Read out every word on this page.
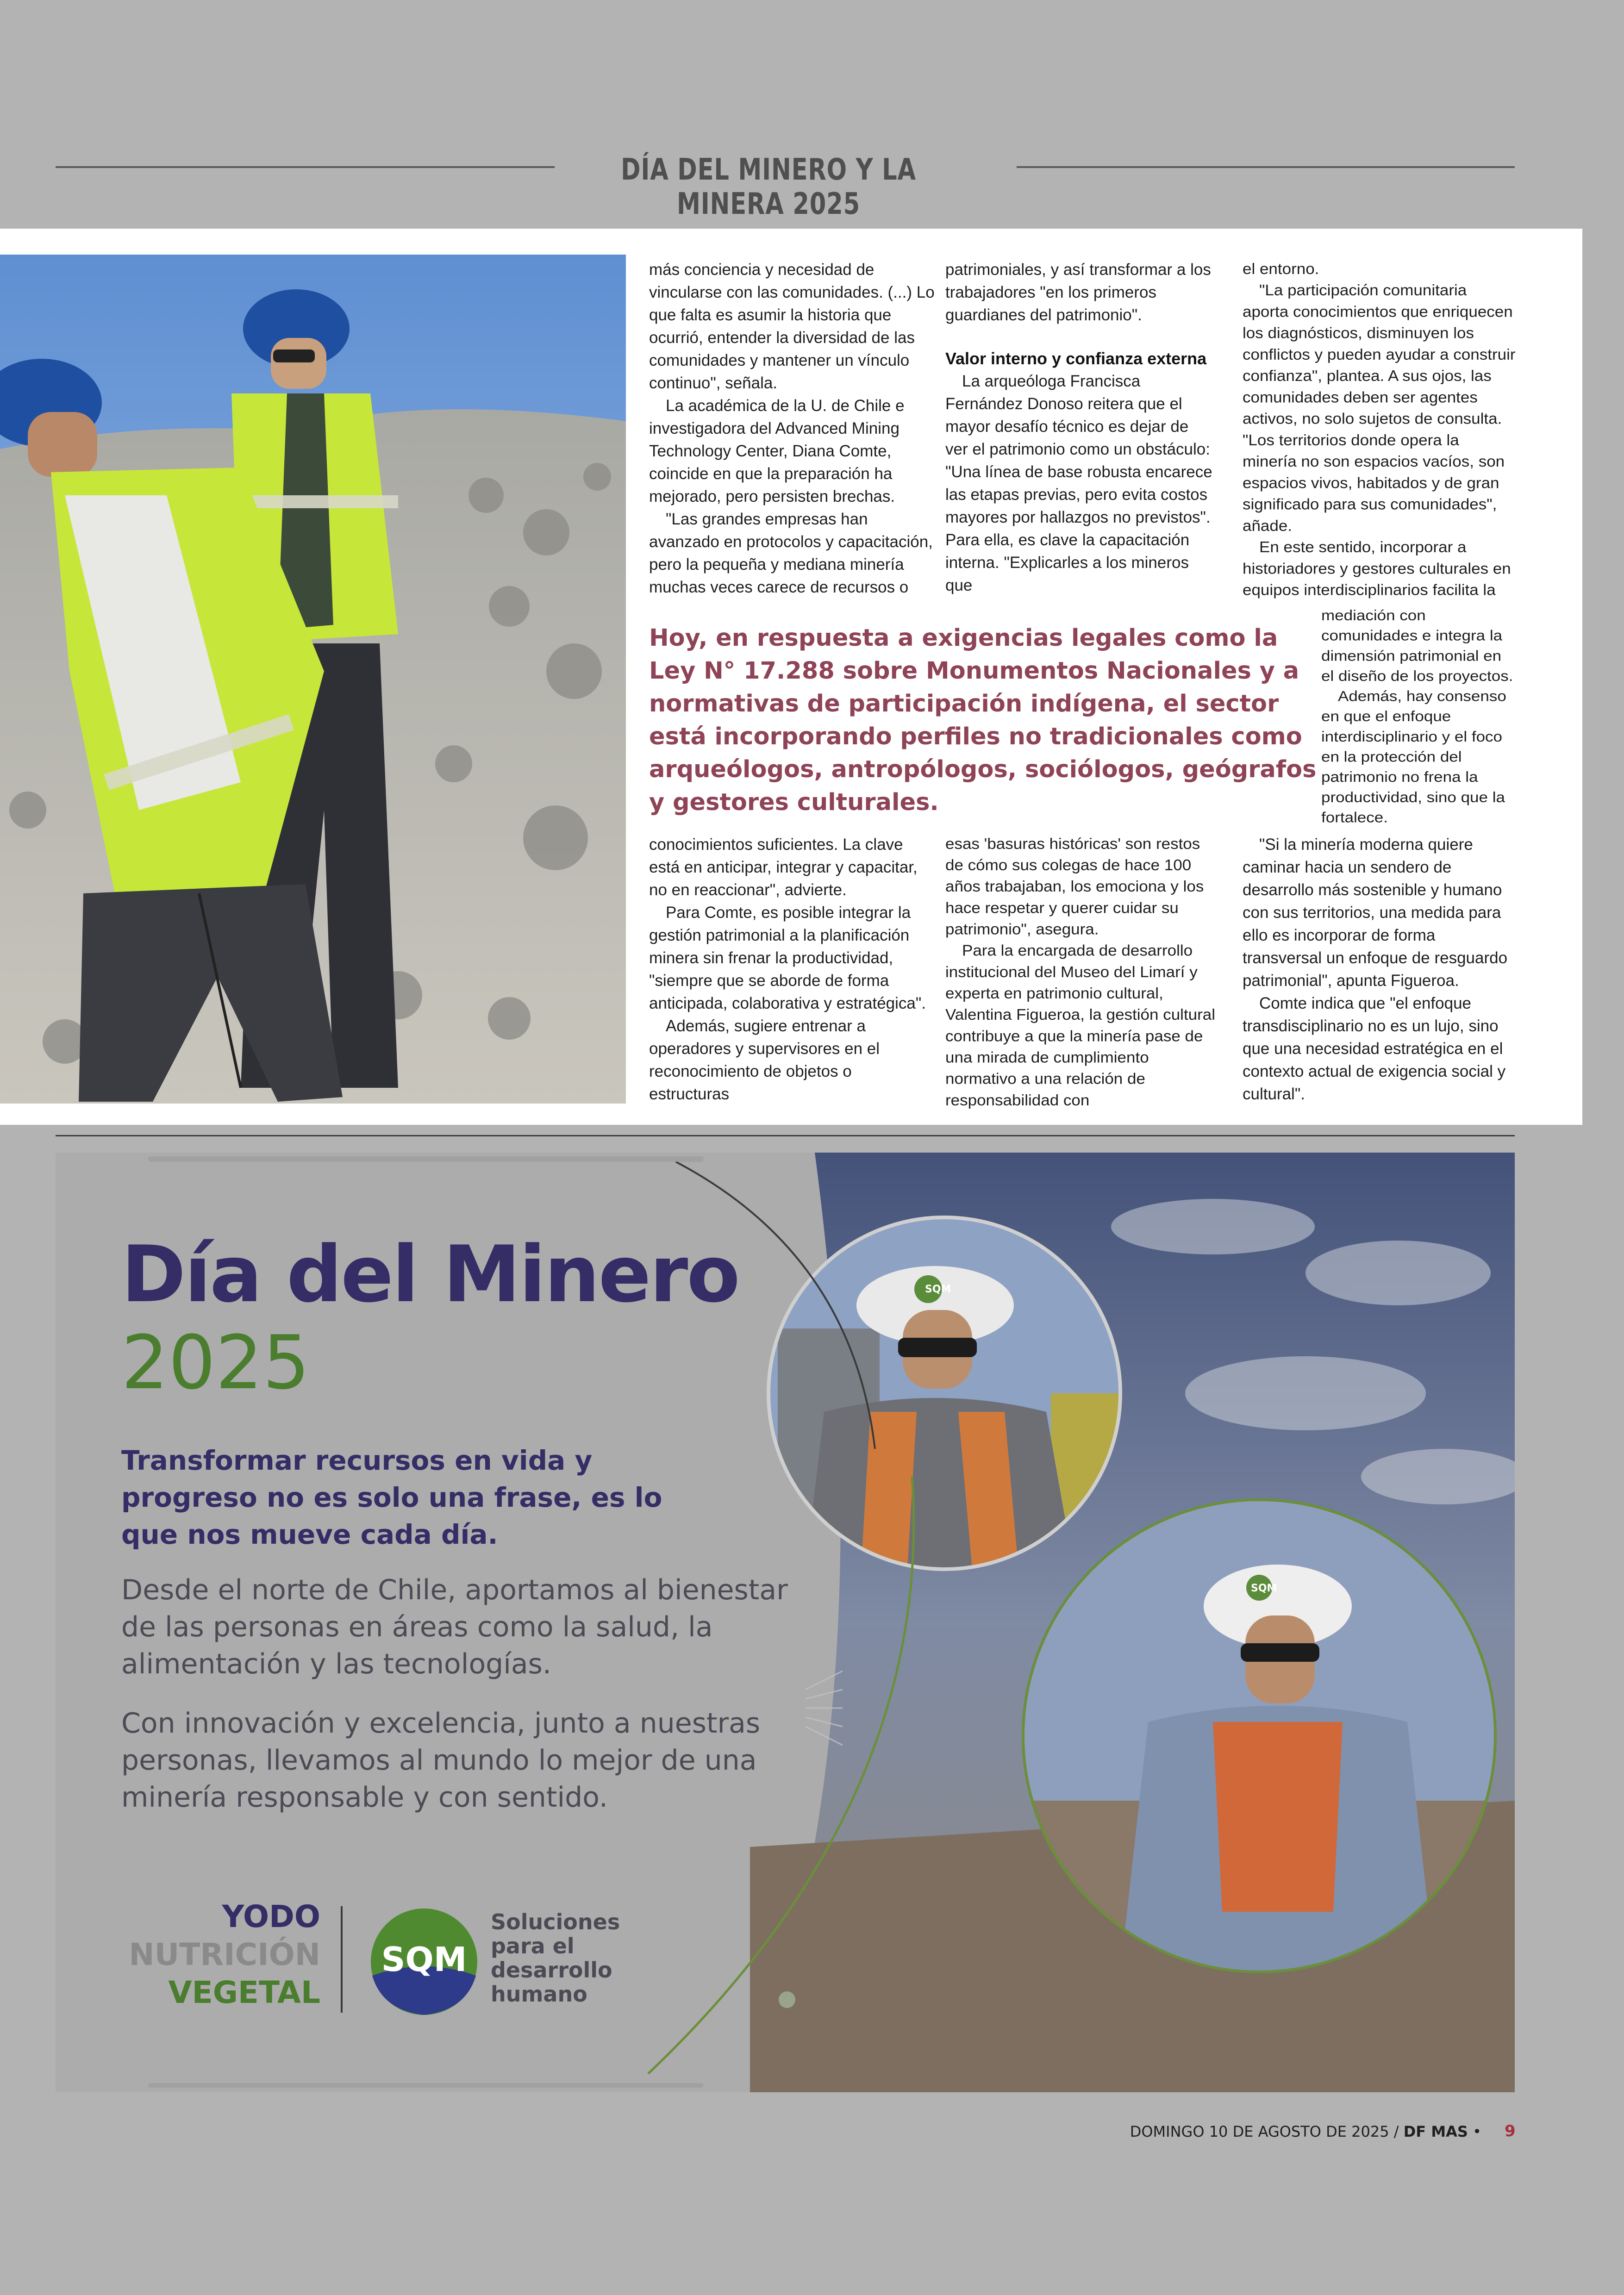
DÍA DEL MINERO Y LA MINERA 2025

más conciencia y necesidad de vincularse con las comunidades. (...) Lo que falta es asumir la historia que ocurrió, entender la diversidad de las comunidades y mantener un vínculo continuo", señala.

La académica de la U. de Chile e investigadora del Advanced Mining Technology Center, Diana Comte, coincide en que la preparación ha mejorado, pero persisten brechas.

"Las grandes empresas han avanzado en protocolos y capacitación, pero la pequeña y mediana minería muchas veces carece de recursos o

patrimoniales, y así transformar a los trabajadores "en los primeros guardianes del patrimonio".

Valor interno y confianza externa

La arqueóloga Francisca Fernández Donoso reitera que el mayor desafío técnico es dejar de ver el patrimonio como un obstáculo: "Una línea de base robusta encarece las etapas previas, pero evita costos mayores por hallazgos no previstos". Para ella, es clave la capacitación interna. "Explicarles a los mineros que

el entorno.

"La participación comunitaria aporta conocimientos que enriquecen los diagnósticos, disminuyen los conflictos y pueden ayudar a construir confianza", plantea. A sus ojos, las comunidades deben ser agentes activos, no solo sujetos de consulta. "Los territorios donde opera la minería no son espacios vacíos, son espacios vivos, habitados y de gran significado para sus comunidades", añade.

En este sentido, incorporar a historiadores y gestores culturales en equipos interdisciplinarios facilita la

mediación con comunidades e integra la dimensión patrimonial en el diseño de los proyectos.

Además, hay consenso en que el enfoque interdisciplinario y el foco en la protección del patrimonio no frena la productividad, sino que la fortalece.

Hoy, en respuesta a exigencias legales como la Ley N° 17.288 sobre Monumentos Nacionales y a normativas de participación indígena, el sector está incorporando perfiles no tradicionales como arqueólogos, antropólogos, sociólogos, geógrafos y gestores culturales.

conocimientos suficientes. La clave está en anticipar, integrar y capacitar, no en reaccionar", advierte.

Para Comte, es posible integrar la gestión patrimonial a la planificación minera sin frenar la productividad, "siempre que se aborde de forma anticipada, colaborativa y estratégica".

Además, sugiere entrenar a operadores y supervisores en el reconocimiento de objetos o estructuras

esas 'basuras históricas' son restos de cómo sus colegas de hace 100 años trabajaban, los emociona y los hace respetar y querer cuidar su patrimonio", asegura.

Para la encargada de desarrollo institucional del Museo del Limarí y experta en patrimonio cultural, Valentina Figueroa, la gestión cultural contribuye a que la minería pase de una mirada de cumplimiento normativo a una relación de responsabilidad con

"Si la minería moderna quiere caminar hacia un sendero de desarrollo más sostenible y humano con sus territorios, una medida para ello es incorporar de forma transversal un enfoque de resguardo patrimonial", apunta Figueroa.

Comte indica que "el enfoque transdisciplinario no es un lujo, sino que una necesidad estratégica en el contexto actual de exigencia social y cultural".

SQM
SQM
Día del Minero
2025
Transformar recursos en vida y progreso no es solo una frase, es lo que nos mueve cada día.
Desde el norte de Chile, aportamos al bienestar de las personas en áreas como la salud, la alimentación y las tecnologías.
Con innovación y excelencia, junto a nuestras personas, llevamos al mundo lo mejor de una minería responsable y con sentido.
YODO
NUTRICIÓN
VEGETAL
SQM
Soluciones
para el
desarrollo
humano
DOMINGO 10 DE AGOSTO DE 2025 / DF MAS • 9
